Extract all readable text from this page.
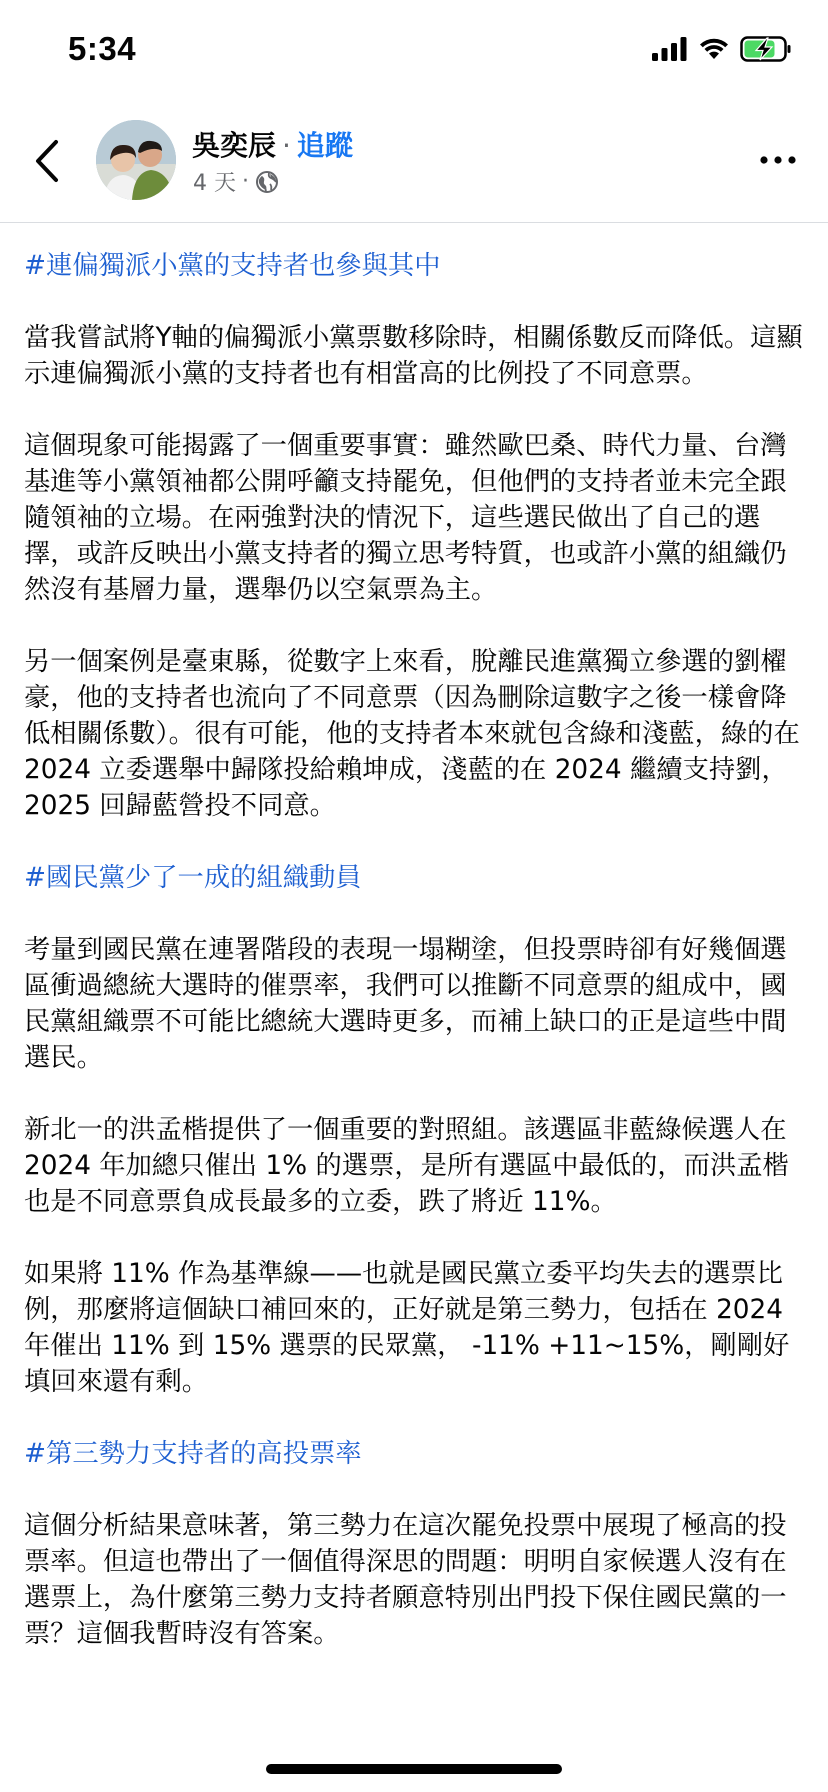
5:34
吳奕辰 · 追蹤
4 天 ·

#連偏獨派小黨的支持者也參與其中

當我嘗試將Y軸的偏獨派小黨票數移除時，相關係數反而降低。這顯示連偏獨派小黨的支持者也有相當高的比例投了不同意票。

這個現象可能揭露了一個重要事實：雖然歐巴桑、時代力量、台灣基進等小黨領袖都公開呼籲支持罷免，但他們的支持者並未完全跟隨領袖的立場。在兩強對決的情況下，這些選民做出了自己的選擇，或許反映出小黨支持者的獨立思考特質，也或許小黨的組織仍然沒有基層力量，選舉仍以空氣票為主。

另一個案例是臺東縣，從數字上來看，脫離民進黨獨立參選的劉櫂豪，他的支持者也流向了不同意票（因為刪除這數字之後一樣會降低相關係數）。很有可能，他的支持者本來就包含綠和淺藍，綠的在 2024 立委選舉中歸隊投給賴坤成，淺藍的在 2024 繼續支持劉，2025 回歸藍營投不同意。

#國民黨少了一成的組織動員

考量到國民黨在連署階段的表現一塌糊塗，但投票時卻有好幾個選區衝過總統大選時的催票率，我們可以推斷不同意票的組成中，國民黨組織票不可能比總統大選時更多，而補上缺口的正是這些中間選民。

新北一的洪孟楷提供了一個重要的對照組。該選區非藍綠候選人在 2024 年加總只催出 1% 的選票，是所有選區中最低的，而洪孟楷也是不同意票負成長最多的立委，跌了將近 11%。

如果將 11% 作為基準線——也就是國民黨立委平均失去的選票比例，那麼將這個缺口補回來的，正好就是第三勢力，包括在 2024 年催出 11% 到 15% 選票的民眾黨， -11% +11~15%，剛剛好填回來還有剩。

#第三勢力支持者的高投票率

這個分析結果意味著，第三勢力在這次罷免投票中展現了極高的投票率。但這也帶出了一個值得深思的問題：明明自家候選人沒有在選票上，為什麼第三勢力支持者願意特別出門投下保住國民黨的一票？這個我暫時沒有答案。
